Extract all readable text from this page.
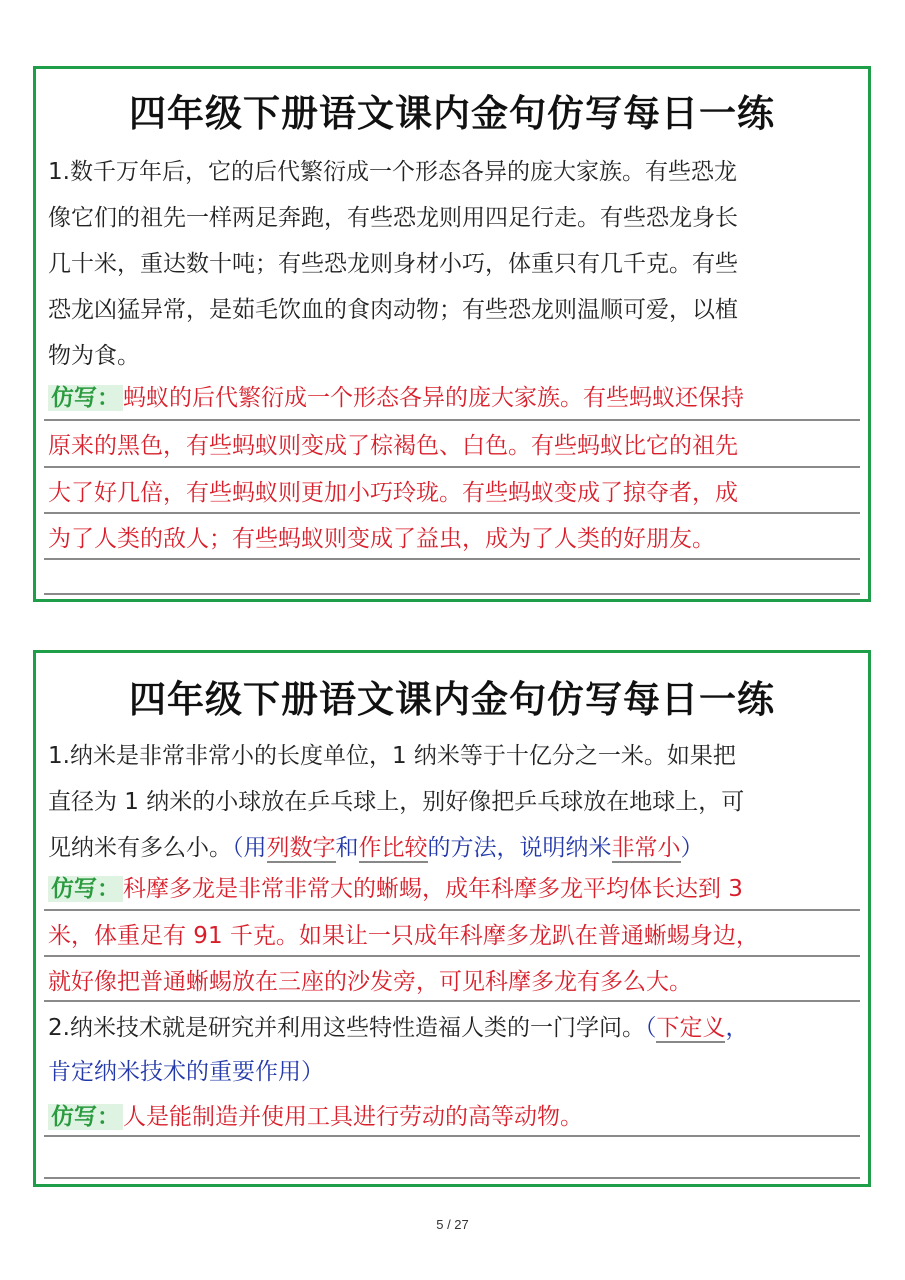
四年级下册语文课内金句仿写每日一练
1.数千万年后，它的后代繁衍成一个形态各异的庞大家族。有些恐龙
像它们的祖先一样两足奔跑，有些恐龙则用四足行走。有些恐龙身长
几十米，重达数十吨；有些恐龙则身材小巧，体重只有几千克。有些
恐龙凶猛异常，是茹毛饮血的食肉动物；有些恐龙则温顺可爱，以植
物为食。
仿写： 蚂蚁的后代繁衍成一个形态各异的庞大家族。有些蚂蚁还保持
原来的黑色，有些蚂蚁则变成了棕褐色、白色。有些蚂蚁比它的祖先
大了好几倍，有些蚂蚁则更加小巧玲珑。有些蚂蚁变成了掠夺者，成
为了人类的敌人；有些蚂蚁则变成了益虫，成为了人类的好朋友。
四年级下册语文课内金句仿写每日一练
1.纳米是非常非常小的长度单位，1 纳米等于十亿分之一米。如果把
直径为 1 纳米的小球放在乒乓球上，别好像把乒乓球放在地球上，可
见纳米有多么小。（用列数字和作比较的方法，说明纳米非常小）
仿写： 科摩多龙是非常非常大的蜥蜴，成年科摩多龙平均体长达到 3
米，体重足有 91 千克。如果让一只成年科摩多龙趴在普通蜥蜴身边，
就好像把普通蜥蜴放在三座的沙发旁，可见科摩多龙有多么大。
2.纳米技术就是研究并利用这些特性造福人类的一门学问。（下定义，
肯定纳米技术的重要作用）
仿写： 人是能制造并使用工具进行劳动的高等动物。
5 / 27
